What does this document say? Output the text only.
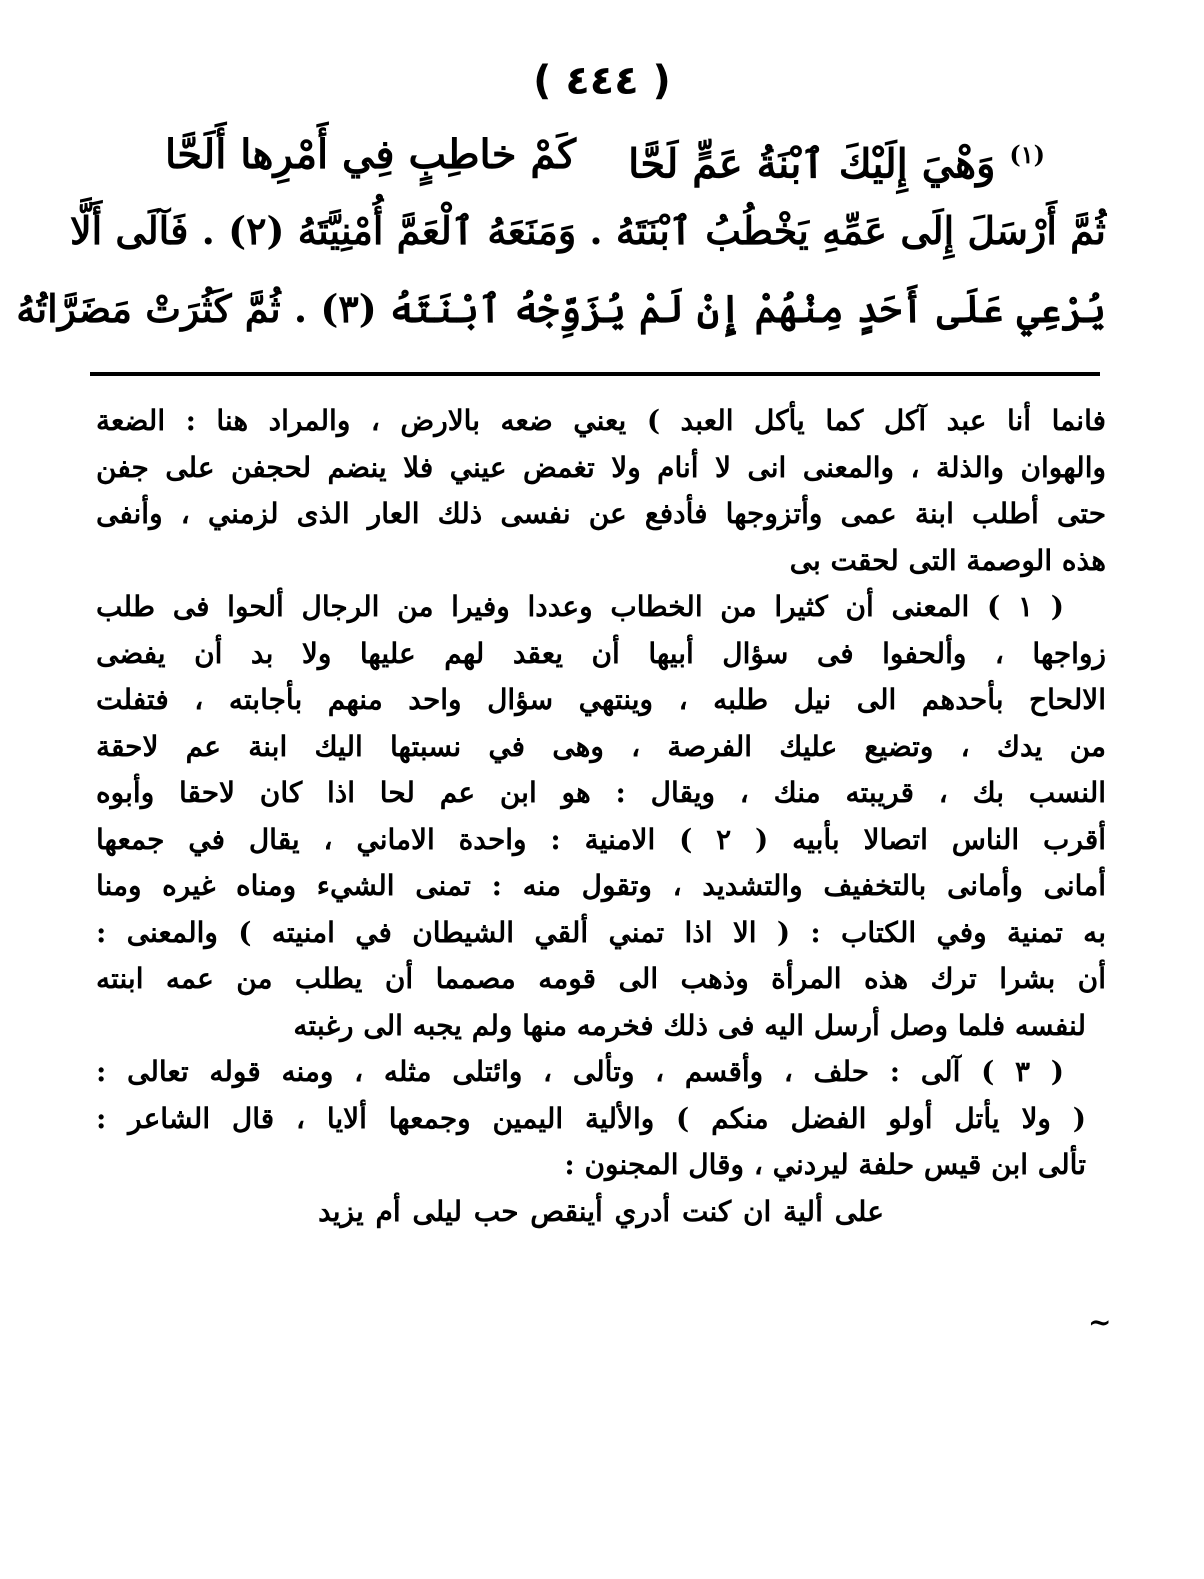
( ٤٤٤ )
$^{(١)}$ وَهْيَ إِلَيْكَ ٱبْنَةُ عَمٍّ لَحَّا
كَمْ خاطِبٍ فِي أَمْرِها أَلَحَّا
ثُمَّ أَرْسَلَ إِلَى عَمِّهِ يَخْطُبُ ٱبْنَتَهُ . وَمَنَعَهُ ٱلْعَمَّ أُمْنِيَّتَهُ (٢) . فَآلَى أَلَّا
يُرْعِي عَلَى أَحَدٍ مِنْهُمْ إِنْ لَمْ يُزَوِّجْهُ ٱبْنَتَهُ (٣) . ثُمَّ كَثُرَتْ مَضَرَّاتُهُ
فانما أنا عبد آكل كما يأكل العبد ) يعني ضعه بالارض ، والمراد هنا : الضعة
والهوان والذلة ، والمعنى انى لا أنام ولا تغمض عيني فلا ينضم لحجفن على جفن
حتى أطلب ابنة عمى وأتزوجها فأدفع عن نفسى ذلك العار الذى لزمني ، وأنفى
هذه الوصمة التى لحقت بى
( ١ ) المعنى أن كثيرا من الخطاب وعددا وفيرا من الرجال ألحوا فى طلب
زواجها ، وألحفوا فى سؤال أبيها أن يعقد لهم عليها ولا بد أن يفضى
الالحاح بأحدهم الى نيل طلبه ، وينتهي سؤال واحد منهم بأجابته ، فتفلت
من يدك ، وتضيع عليك الفرصة ، وهى في نسبتها اليك ابنة عم لاحقة
النسب بك ، قريبته منك ، ويقال : هو ابن عم لحا اذا كان لاحقا وأبوه
أقرب الناس اتصالا بأبيه ( ٢ ) الامنية : واحدة الاماني ، يقال في جمعها
أمانى وأمانى بالتخفيف والتشديد ، وتقول منه : تمنى الشيء ومناه غيره ومنا
به تمنية وفي الكتاب : ( الا اذا تمني ألقي الشيطان في امنيته ) والمعنى :
أن بشرا ترك هذه المرأة وذهب الى قومه مصمما أن يطلب من عمه ابنته
لنفسه فلما وصل أرسل اليه فى ذلك فخرمه منها ولم يجبه الى رغبته
( ٣ ) آلى : حلف ، وأقسم ، وتألى ، وائتلى مثله ، ومنه قوله تعالى :
( ولا يأتل أولو الفضل منكم ) والألية اليمين وجمعها ألايا ، قال الشاعر :
تألى ابن قيس حلفة ليردني ، وقال المجنون :
على ألية ان كنت أدري أينقص حب ليلى أم يزيد
~
